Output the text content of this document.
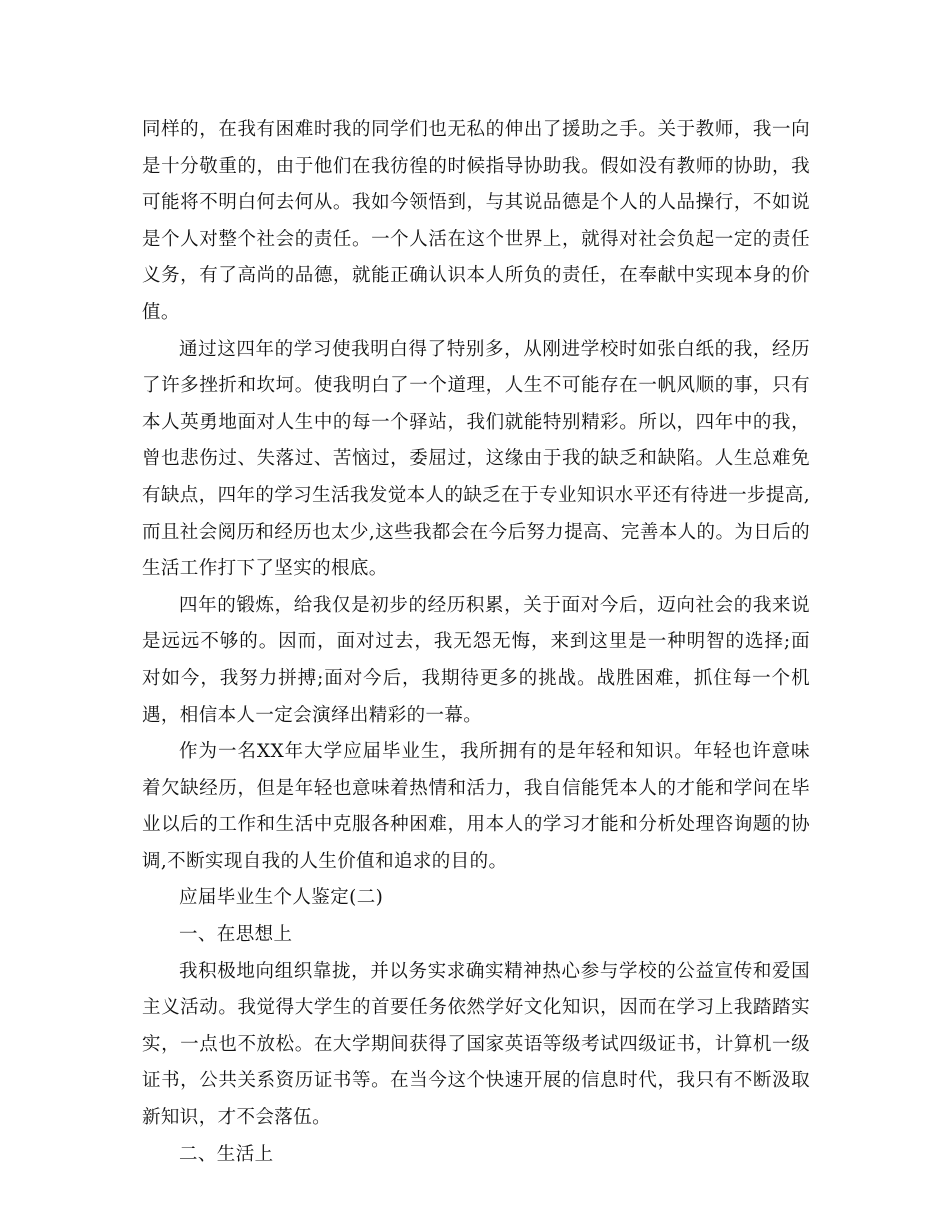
同样的，在我有困难时我的同学们也无私的伸出了援助之手。关于教师，我一向是十分敬重的，由于他们在我彷徨的时候指导协助我。假如没有教师的协助，我可能将不明白何去何从。我如今领悟到，与其说品德是个人的人品操行，不如说是个人对整个社会的责任。一个人活在这个世界上，就得对社会负起一定的责任义务，有了高尚的品德，就能正确认识本人所负的责任，在奉献中实现本身的价值。

通过这四年的学习使我明白得了特别多，从刚进学校时如张白纸的我，经历了许多挫折和坎坷。使我明白了一个道理，人生不可能存在一帆风顺的事，只有本人英勇地面对人生中的每一个驿站，我们就能特别精彩。所以，四年中的我，曾也悲伤过、失落过、苦恼过，委屈过，这缘由于我的缺乏和缺陷。人生总难免有缺点，四年的学习生活我发觉本人的缺乏在于专业知识水平还有待进一步提高,而且社会阅历和经历也太少,这些我都会在今后努力提高、完善本人的。为日后的生活工作打下了坚实的根底。

四年的锻炼，给我仅是初步的经历积累，关于面对今后，迈向社会的我来说是远远不够的。因而，面对过去，我无怨无悔，来到这里是一种明智的选择;面对如今，我努力拼搏;面对今后，我期待更多的挑战。战胜困难，抓住每一个机遇，相信本人一定会演绎出精彩的一幕。

作为一名XX年大学应届毕业生，我所拥有的是年轻和知识。年轻也许意味着欠缺经历，但是年轻也意味着热情和活力，我自信能凭本人的才能和学问在毕业以后的工作和生活中克服各种困难，用本人的学习才能和分析处理咨询题的协调,不断实现自我的人生价值和追求的目的。

应届毕业生个人鉴定(二)

一、在思想上

我积极地向组织靠拢，并以务实求确实精神热心参与学校的公益宣传和爱国主义活动。我觉得大学生的首要任务依然学好文化知识，因而在学习上我踏踏实实，一点也不放松。在大学期间获得了国家英语等级考试四级证书，计算机一级证书，公共关系资历证书等。在当今这个快速开展的信息时代，我只有不断汲取新知识，才不会落伍。

二、生活上
